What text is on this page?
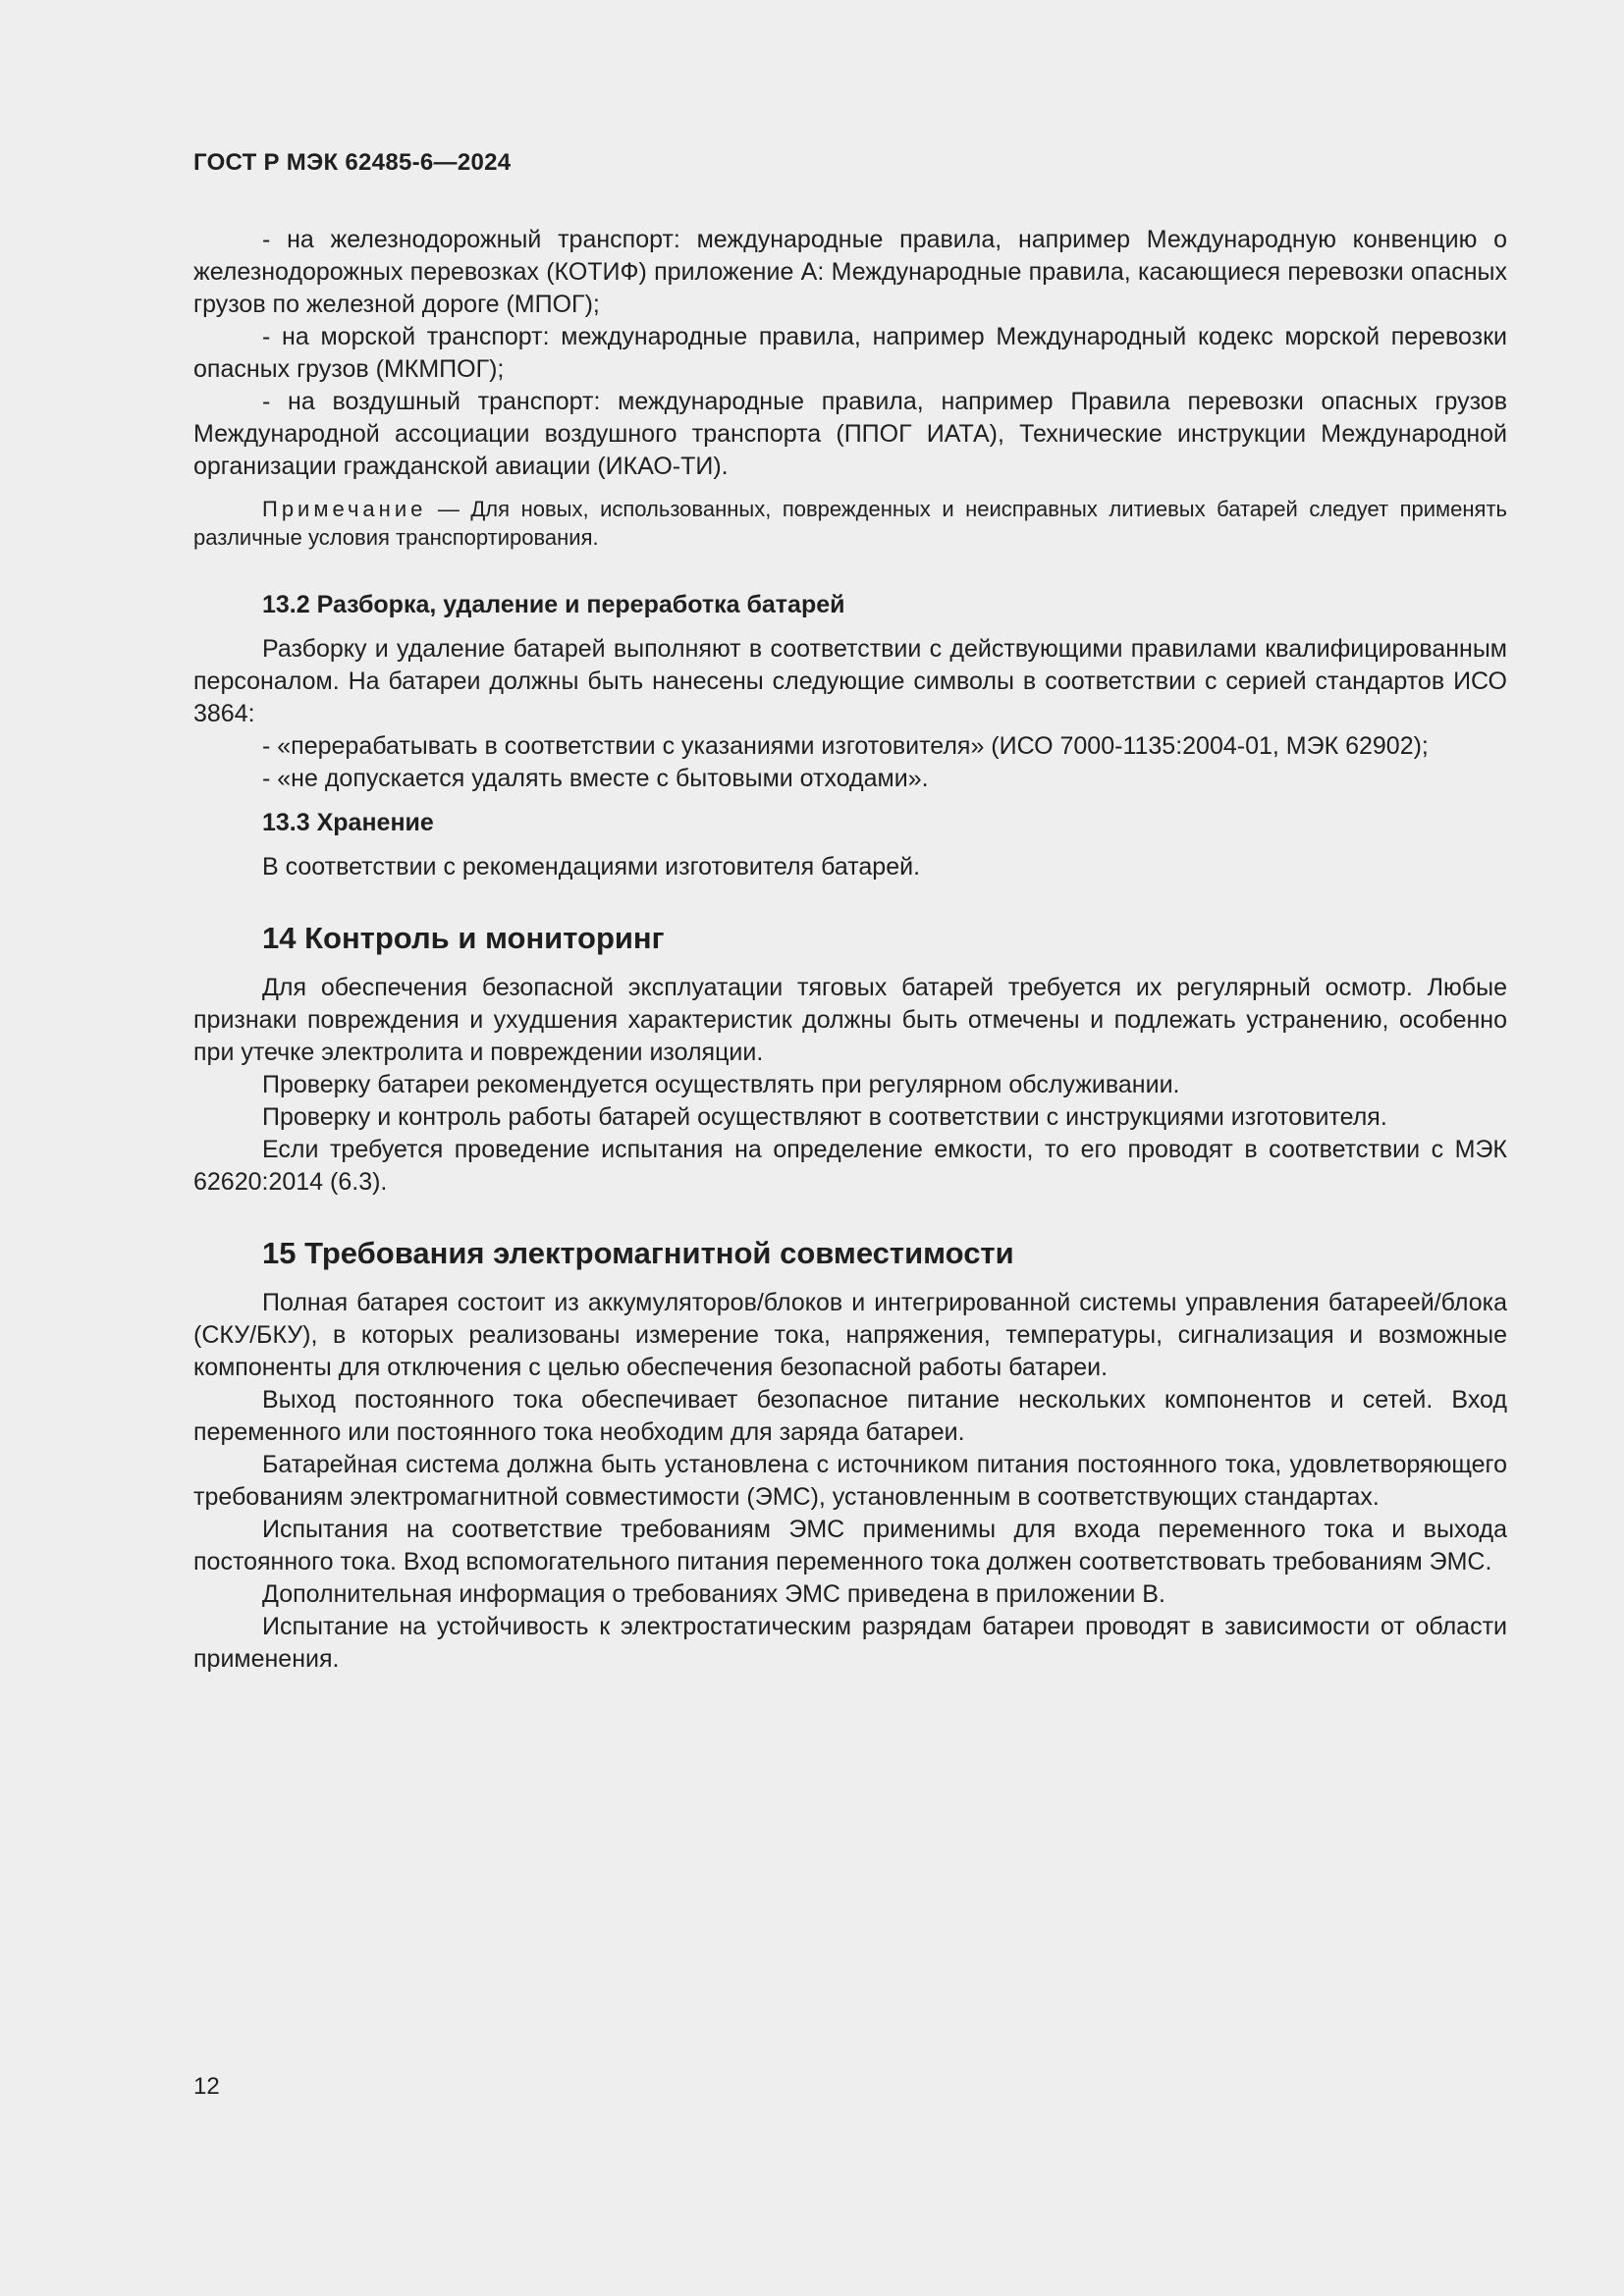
ГОСТ Р МЭК 62485-6—2024

- на железнодорожный транспорт: международные правила, например Международную конвенцию о железнодорожных перевозках (КОТИФ) приложение А: Международные правила, касающиеся перевозки опасных грузов по железной дороге (МПОГ);

- на морской транспорт: международные правила, например Международный кодекс морской перевозки опасных грузов (МКМПОГ);

- на воздушный транспорт: международные правила, например Правила перевозки опасных грузов Международной ассоциации воздушного транспорта (ППОГ ИАТА), Технические инструкции Международной организации гражданской авиации (ИКАО-ТИ).

Примечание — Для новых, использованных, поврежденных и неисправных литиевых батарей следует применять различные условия транспортирования.
13.2 Разборка, удаление и переработка батарей

Разборку и удаление батарей выполняют в соответствии с действующими правилами квалифицированным персоналом. На батареи должны быть нанесены следующие символы в соответствии с серией стандартов ИСО 3864:

- «перерабатывать в соответствии с указаниями изготовителя» (ИСО 7000-1135:2004-01, МЭК 62902);

- «не допускается удалять вместе с бытовыми отходами».

13.3 Хранение

В соответствии с рекомендациями изготовителя батарей.

14 Контроль и мониторинг

Для обеспечения безопасной эксплуатации тяговых батарей требуется их регулярный осмотр. Любые признаки повреждения и ухудшения характеристик должны быть отмечены и подлежать устранению, особенно при утечке электролита и повреждении изоляции.

Проверку батареи рекомендуется осуществлять при регулярном обслуживании.

Проверку и контроль работы батарей осуществляют в соответствии с инструкциями изготовителя.

Если требуется проведение испытания на определение емкости, то его проводят в соответствии с МЭК 62620:2014 (6.3).

15 Требования электромагнитной совместимости

Полная батарея состоит из аккумуляторов/блоков и интегрированной системы управления батареей/блока (СКУ/БКУ), в которых реализованы измерение тока, напряжения, температуры, сигнализация и возможные компоненты для отключения с целью обеспечения безопасной работы батареи.

Выход постоянного тока обеспечивает безопасное питание нескольких компонентов и сетей. Вход переменного или постоянного тока необходим для заряда батареи.

Батарейная система должна быть установлена с источником питания постоянного тока, удовлетворяющего требованиям электромагнитной совместимости (ЭМС), установленным в соответствующих стандартах.

Испытания на соответствие требованиям ЭМС применимы для входа переменного тока и выхода постоянного тока. Вход вспомогательного питания переменного тока должен соответствовать требованиям ЭМС.

Дополнительная информация о требованиях ЭМС приведена в приложении В.

Испытание на устойчивость к электростатическим разрядам батареи проводят в зависимости от области применения.

12
